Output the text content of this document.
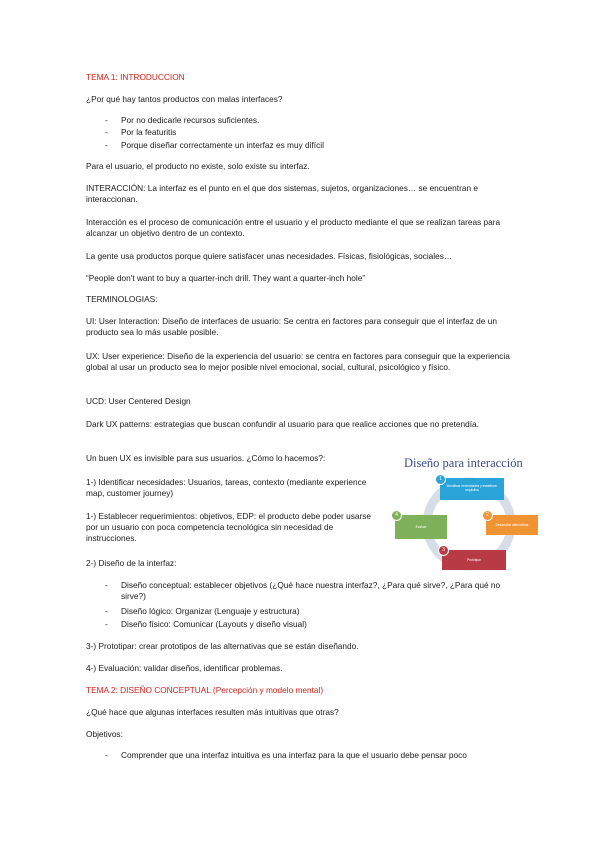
TEMA 1: INTRODUCCION
¿Por qué hay tantos productos con malas interfaces?
- Por no dedicarle recursos suficientes.
- Por la featuritis
- Porque diseñar correctamente un interfaz es muy difícil
Para el usuario, el producto no existe, solo existe su interfaz.
INTERACCIÓN: La interfaz es el punto en el que dos sistemas, sujetos, organizaciones… se encuentran e interaccionan.
Interacción es el proceso de comunicación entre el usuario y el producto mediante el que se realizan tareas para alcanzar un objetivo dentro de un contexto.
La gente usa productos porque quiere satisfacer unas necesidades. Físicas, fisiológicas, sociales…
“People don't want to buy a quarter-inch drill. They want a quarter-inch hole”
TERMINOLOGIAS:
UI: User Interaction: Diseño de interfaces de usuario: Se centra en factores para conseguir que el interfaz de un producto sea lo más usable posible.
UX: User experience: Diseño de la experiencia del usuario: se centra en factores para conseguir que la experiencia global al usar un producto sea lo mejor posible nivel emocional, social, cultural, psicológico y físico.
UCD: User Centered Design
Dark UX patterns: estrategias que buscan confundir al usuario para que realice acciones que no pretendía.
Un buen UX es invisible para sus usuarios. ¿Cómo lo hacemos?:
1-) Identificar necesidades: Usuarios, tareas, contexto (mediante experience map, customer journey)
1-) Establecer requerimientos: objetivos, EDP: el producto debe poder usarse por un usuario con poca competencia tecnológica sin necesidad de instrucciones.
2-) Diseño de la interfaz:
- Diseño conceptual: establecer objetivos (¿Qué hace nuestra interfaz?, ¿Para qué sirve?, ¿Para qué no sirve?)
- Diseño lógico: Organizar (Lenguaje y estructura)
- Diseño físico: Comunicar (Layouts y diseño visual)
3-) Prototipar: crear prototipos de las alternativas que se están diseñando.
4-) Evaluación: validar diseños, identificar problemas.
TEMA 2: DISEÑO CONCEPTUAL (Percepción y modelo mental)
¿Qué hace que algunas interfaces resulten más intuitivas que otras?
Objetivos:
- Comprender que una interfaz intuitiva es una interfaz para la que el usuario debe pensar poco
Diseño para interacción
Identificar necesidades y establecer requisitos
1
Desarrollar alternativas
2
Prototipar
3
Evaluar
4
